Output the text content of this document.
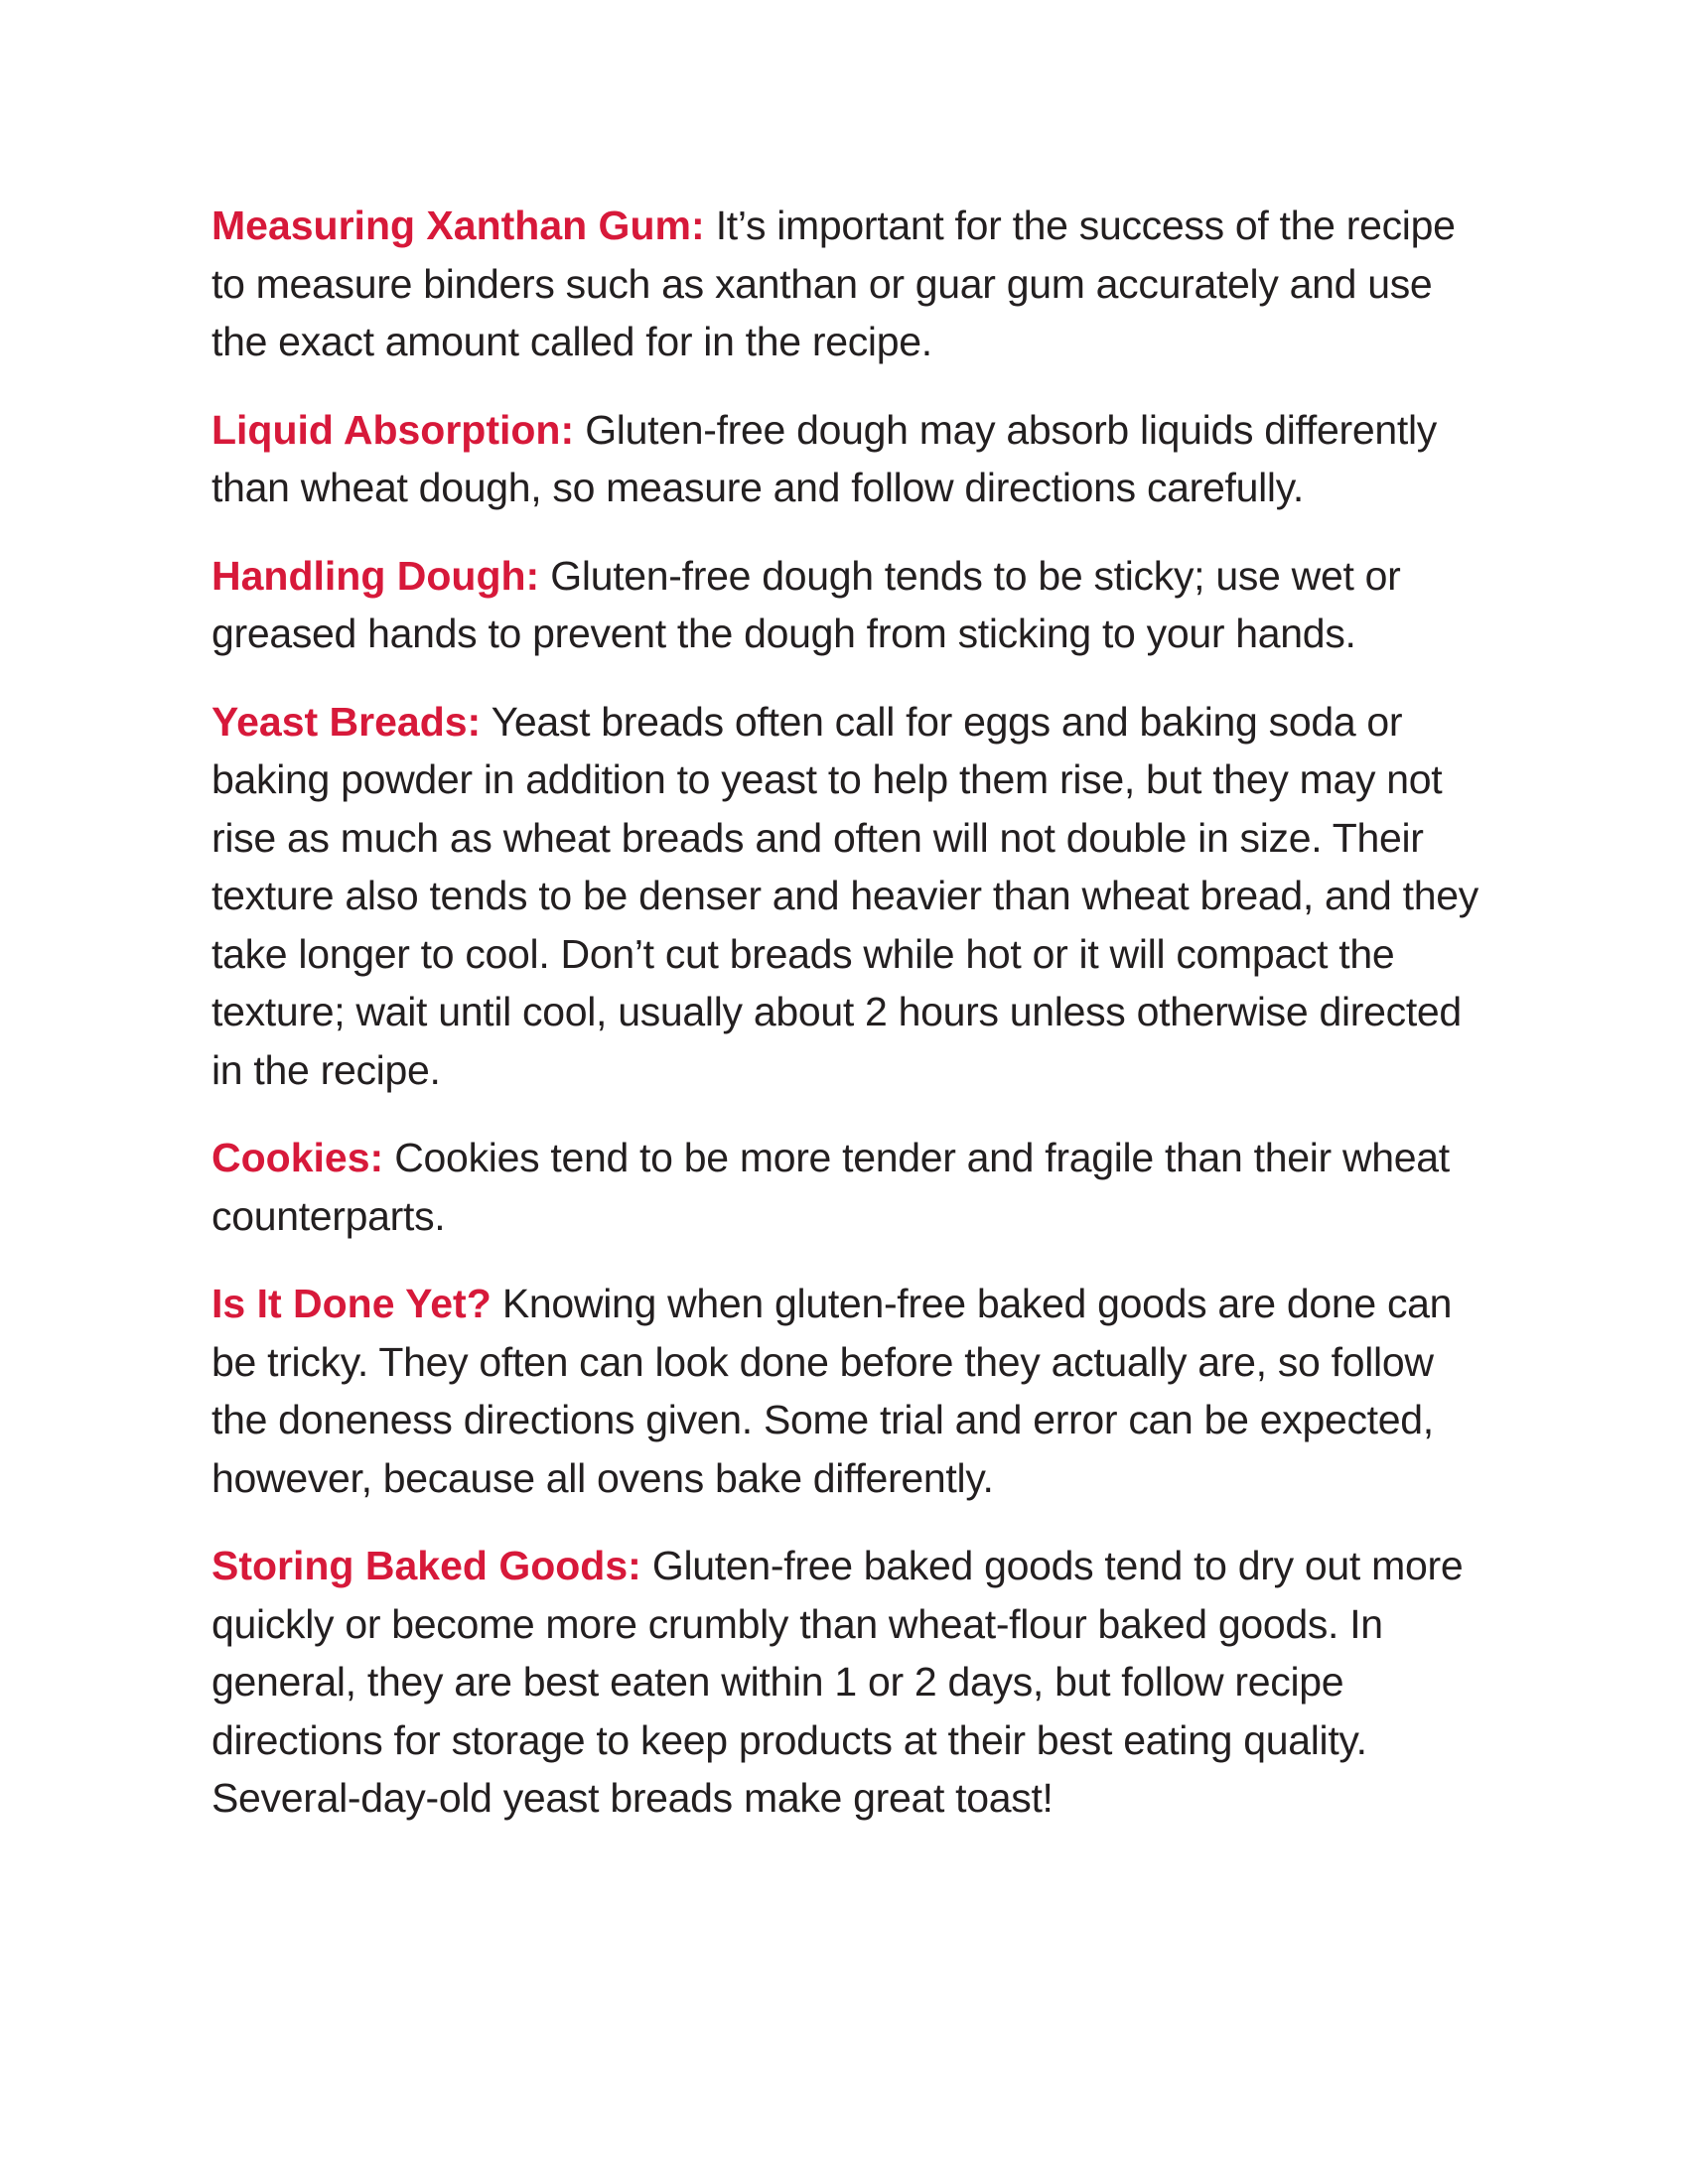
Measuring Xanthan Gum: It’s important for the success of the recipe to measure binders such as xanthan or guar gum accurately and use the exact amount called for in the recipe.

Liquid Absorption: Gluten-free dough may absorb liquids differently than wheat dough, so measure and follow directions carefully.

Handling Dough: Gluten-free dough tends to be sticky; use wet or greased hands to prevent the dough from sticking to your hands.

Yeast Breads: Yeast breads often call for eggs and baking soda or baking powder in addition to yeast to help them rise, but they may not rise as much as wheat breads and often will not double in size. Their texture also tends to be denser and heavier than wheat bread, and they take longer to cool. Don’t cut breads while hot or it will compact the texture; wait until cool, usually about 2 hours unless otherwise directed in the recipe.

Cookies: Cookies tend to be more tender and fragile than their wheat counterparts.

Is It Done Yet? Knowing when gluten-free baked goods are done can be tricky. They often can look done before they actually are, so follow the doneness directions given. Some trial and error can be expected, however, because all ovens bake differently.

Storing Baked Goods: Gluten-free baked goods tend to dry out more quickly or become more crumbly than wheat-flour baked goods. In general, they are best eaten within 1 or 2 days, but follow recipe directions for storage to keep products at their best eating quality. Several-day-old yeast breads make great toast!
